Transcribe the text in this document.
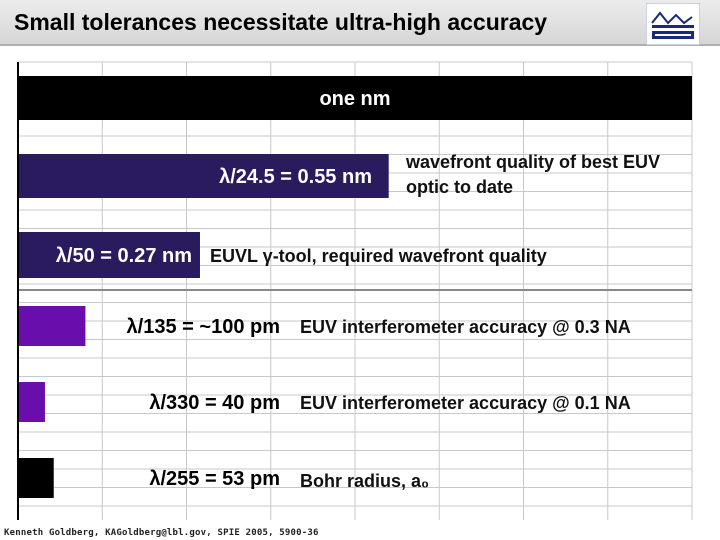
Small tolerances necessitate ultra-high accuracy
one nm
λ/24.5 = 0.55 nm
λ/50 = 0.27 nm
λ/135 = ~100 pm
λ/330 = 40 pm
λ/255 = 53 pm
wavefront quality of best EUV
optic to date
EUVL γ-tool, required wavefront quality
EUV interferometer accuracy @ 0.3 NA
EUV interferometer accuracy @ 0.1 NA
Bohr radius, a₀
Kenneth Goldberg, KAGoldberg@lbl.gov, SPIE 2005, 5900-36
